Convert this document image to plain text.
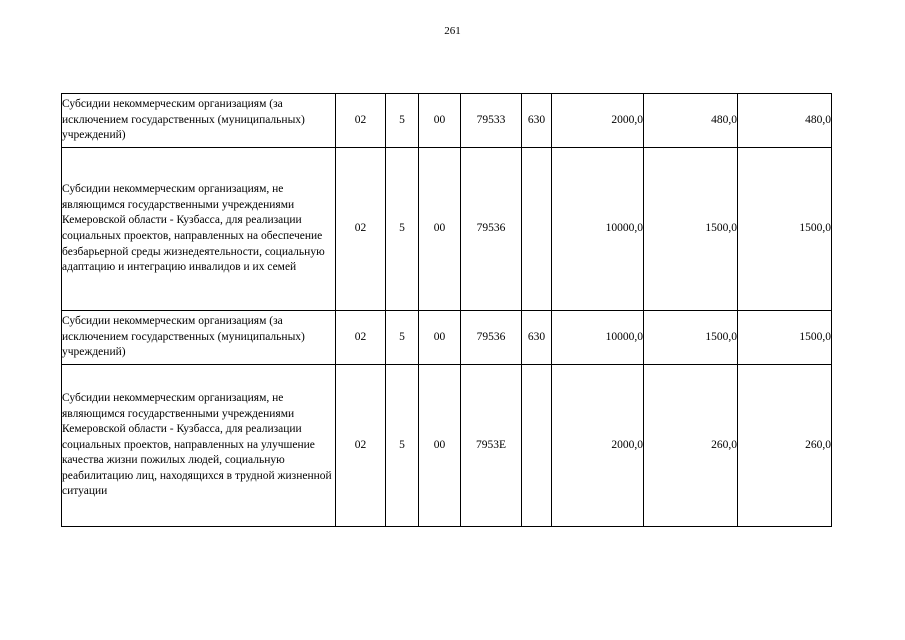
261
Субсидии некоммерческим организациям (за исключением государственных (муниципальных) учреждений)	02	5	00	79533	630	2000,0	480,0	480,0
Субсидии некоммерческим организациям, не являющимся государственными учреждениями Кемеровской области - Кузбасса, для реализации социальных проектов, направленных на обеспечение безбарьерной среды жизнедеятельности, социальную адаптацию и интеграцию инвалидов и их семей	02	5	00	79536		10000,0	1500,0	1500,0
Субсидии некоммерческим организациям (за исключением государственных (муниципальных) учреждений)	02	5	00	79536	630	10000,0	1500,0	1500,0
Субсидии некоммерческим организациям, не являющимся государственными учреждениями Кемеровской области - Кузбасса, для реализации социальных проектов, направленных на улучшение качества жизни пожилых людей, социальную реабилитацию лиц, находящихся в трудной жизненной ситуации	02	5	00	7953Е		2000,0	260,0	260,0
